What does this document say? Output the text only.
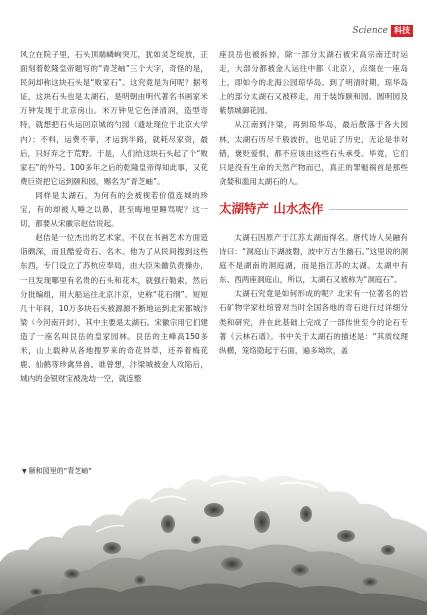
Science 科技

风立在院子里，石头顶端嶙峋突兀，犹如灵芝绽放，正面刻着乾隆皇帝题写的“青芝岫”三个大字，奇怪的是，民间却称这块石头是“败家石”。这究竟是为何呢？据考证，这块石头也是太湖石，是明朝由明代著名书画家米万钟发现于北京房山。米万钟见它色泽清润，造型奇特，就想把石头运回京城的勺园（遗址现位于北京大学内）；不料，运费不菲，才运到半路，就耗尽家资，最后，只好弃之于荒野。于是，人们给这块石头起了个“败家石”的外号。100多年之后的乾隆皇帝得知此事，又花费巨资把它运到颐和园，赐名为“青芝岫”。

同样是太湖石，为何有的会被视若价值连城的珍宝，有的却被人唾之以鼻，甚至晦地里睡骂呢？这一切，都要从宋徽宗赵佶说起。

赵佶是一位杰出的艺术家，不仅在书画艺术方面造诣颇深，而且酷爱奇石、名木。他为了从民间搜到这些东西，专门设立了苏杭应奉局，由大臣朱勔负责操办，一旦发现哪里有名贵的石头和花木，就强行勒索，然后分批编组，用大船运往北京汴京，史称“花石纲”。短短几十年间，10万多块石头被源源不断地运到北宋都城汴梁（今河南开封），其中主要是太湖石。宋徽宗用它们建造了一座名叫艮岳的皇家园林。艮岳的主峰高150多米，山上载种从各地搜罗来的奇花异草，还养着梅花鹿、仙鹤等珍禽异兽。谁曾想，汴梁城被金人攻陷后，城内的金银财宝被洗劫一空，就连整

座艮岳也被拆掉，除一部分太湖石被宋高宗南迁时运走，大部分都被金人运往中都（北京），点缀在一座岛上，即如今的北海公园琼华岛。到了明清时期，琼华岛上的部分太湖石又被移走，用于装饰颐和园、圆明园及紫禁城御花园。

从江南到汴梁，再到琼华岛，最后散落于各大园林，太湖石历尽千般波折，也见证了历史，无论是非对错，褒贬爱恨，都不应该由这些石头承受。毕竟，它们只是没有生命的天然产物而已，真正的罪魁祸首是那些贪婪和滥用太湖石的人。

太湖特产 山水杰作

太湖石因原产于江苏太湖而得名。唐代诗人吴融有诗曰：“洞庭山下湖波磐，波中万古生幽石。”这里说的洞庭不是湖南的洞庭湖，而是指江苏的太湖。太湖中有东、西两座洞庭山，所以，太湖石又被称为“洞庭石”。

太湖石究竟是如何形成的呢？北宋有一位著名的岩石矿物学家杜绾曾对当时全国各地的奇石进行过详细分类和研究，并在此基础上完成了一部传世至今的论石专著《云林石谱》。书中关于太湖石的描述是：“其质纹理纵横，笼络隐起于石面，遍多坳坎，盖

▼ 颐和园里的“青芝岫”
